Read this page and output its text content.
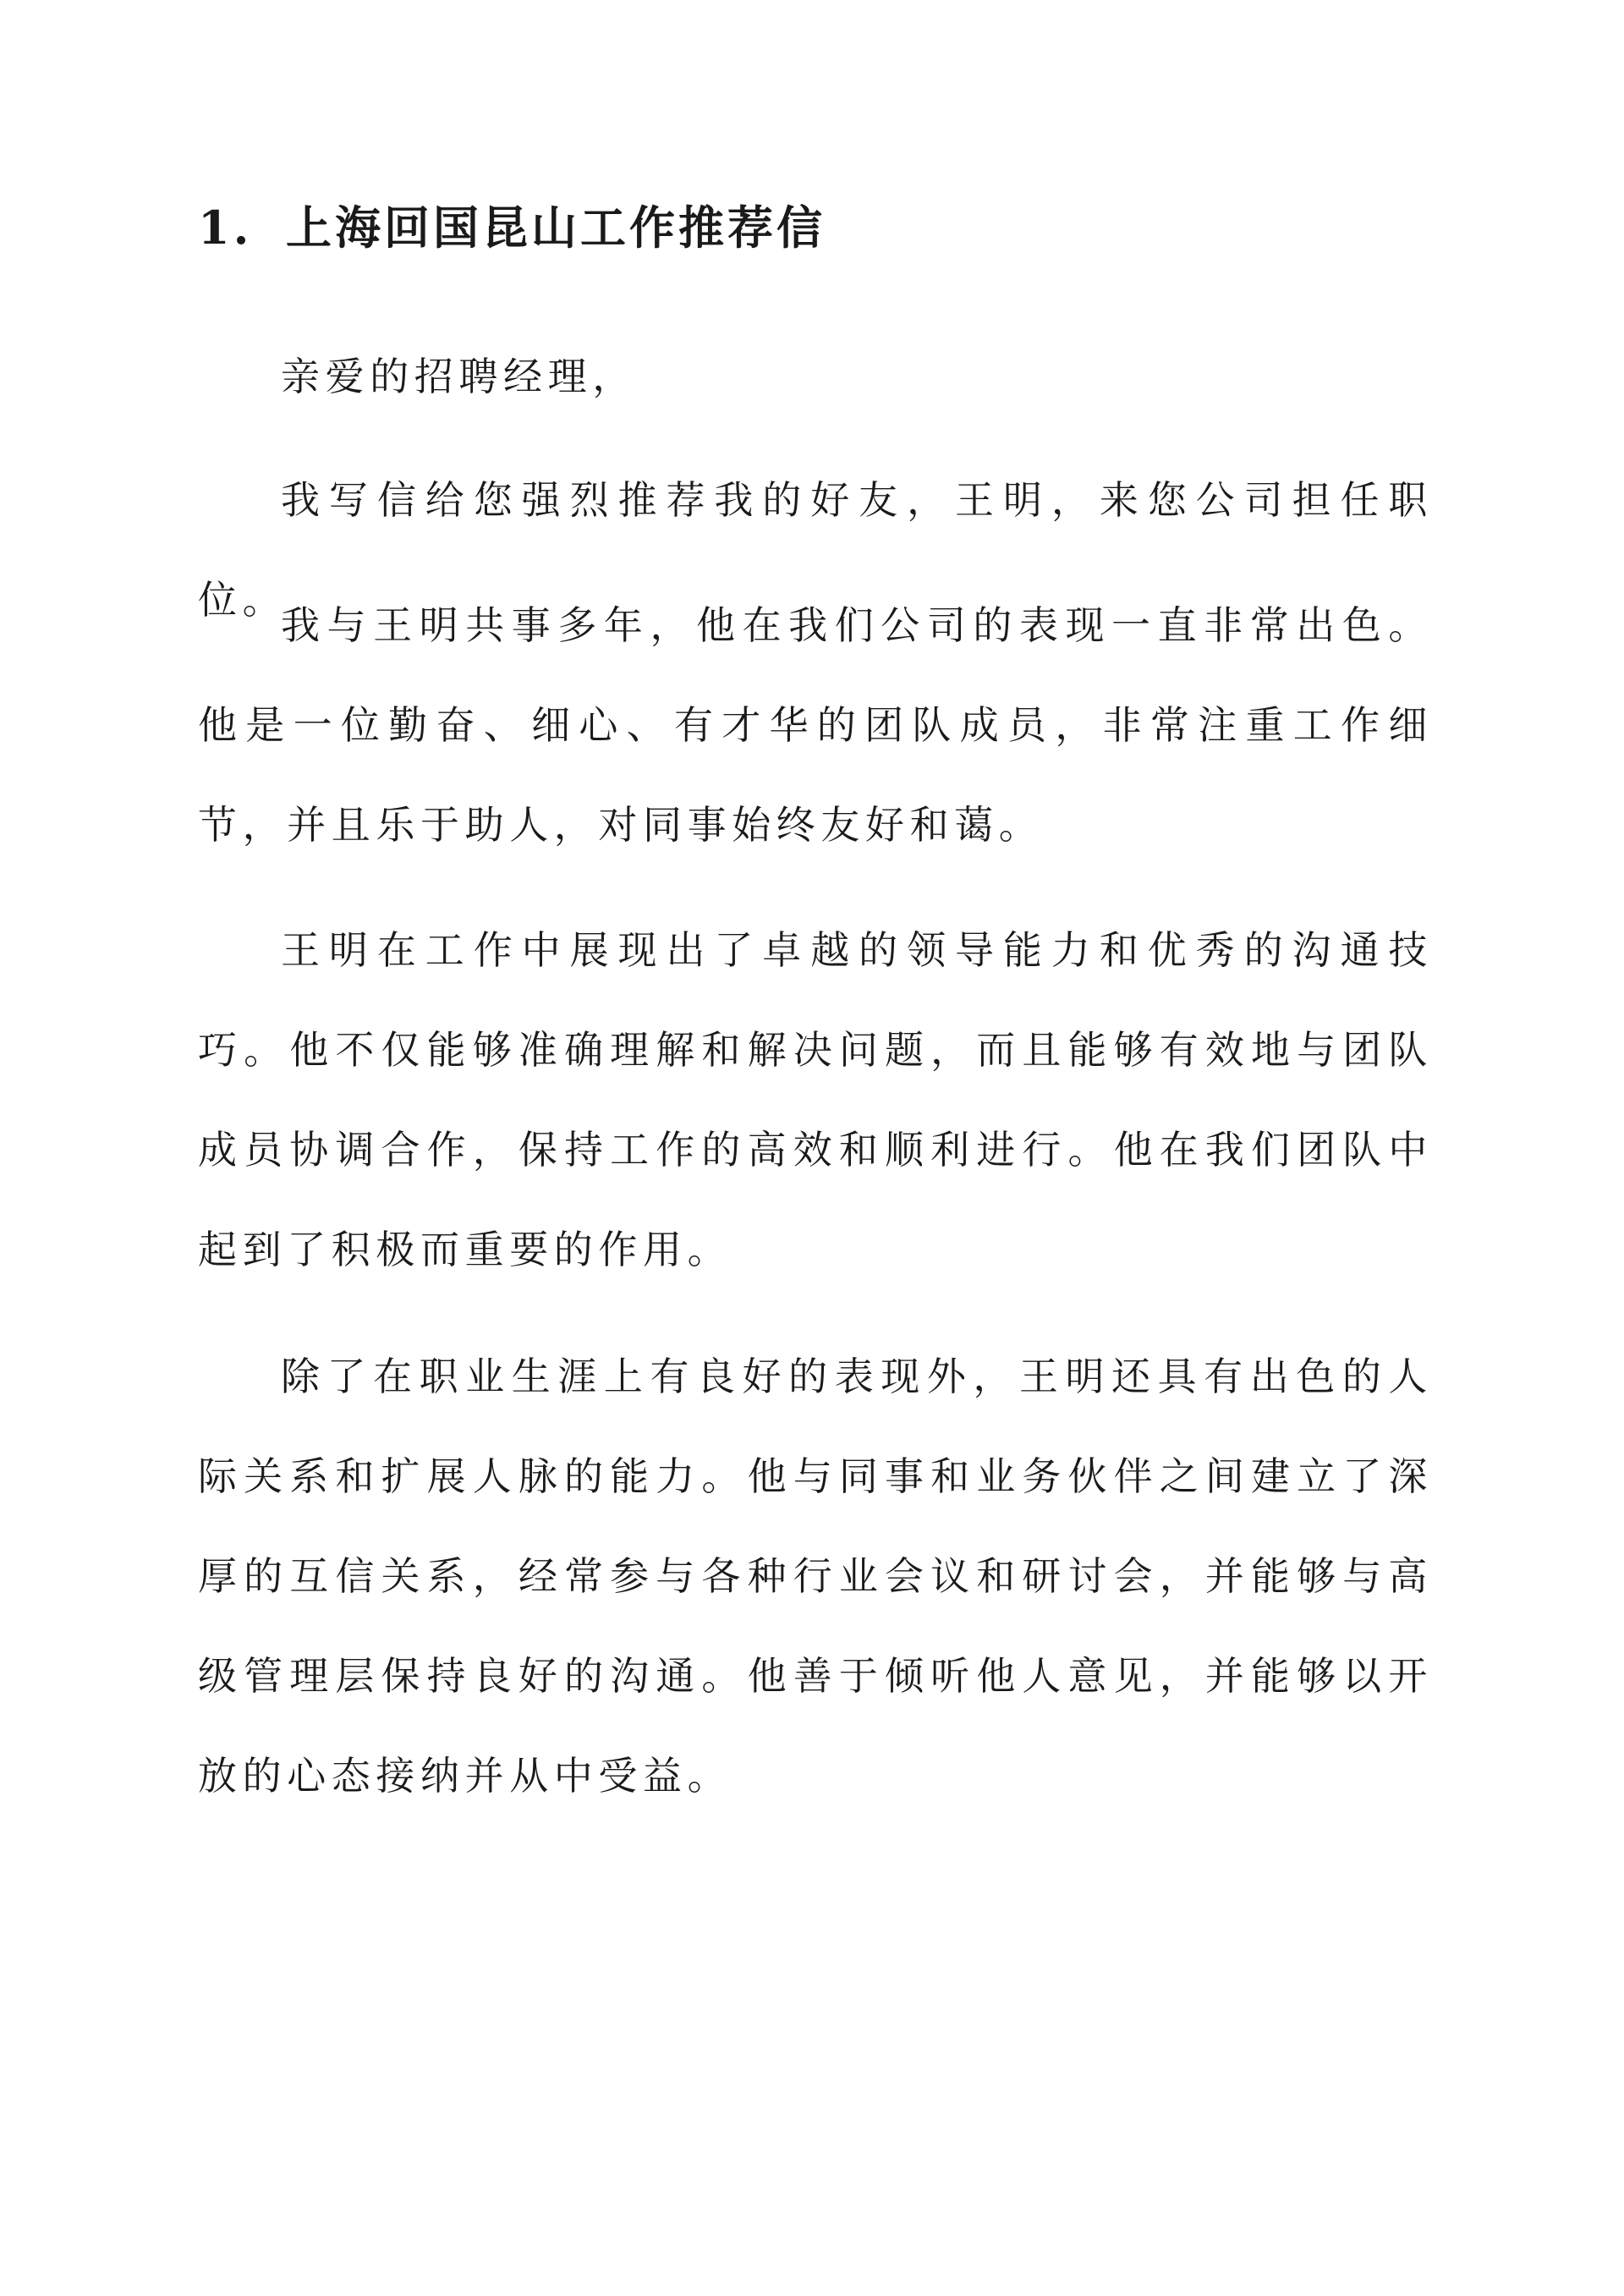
1. 上海回国昆山工作推荐信
亲爱的招聘经理，

我写信给您强烈推荐我的好友，王明，来您公司担任职位。

我与王明共事多年，他在我们公司的表现一直非常出色。他是一位勤奋、细心、有才华的团队成员，非常注重工作细节，并且乐于助人，对同事始终友好和蔼。

王明在工作中展现出了卓越的领导能力和优秀的沟通技巧。他不仅能够准确理解和解决问题，而且能够有效地与团队成员协调合作，保持工作的高效和顺利进行。他在我们团队中起到了积极而重要的作用。

除了在职业生涯上有良好的表现外，王明还具有出色的人际关系和扩展人脉的能力。他与同事和业务伙伴之间建立了深厚的互信关系，经常参与各种行业会议和研讨会，并能够与高级管理层保持良好的沟通。他善于倾听他人意见，并能够以开放的心态接纳并从中受益。
